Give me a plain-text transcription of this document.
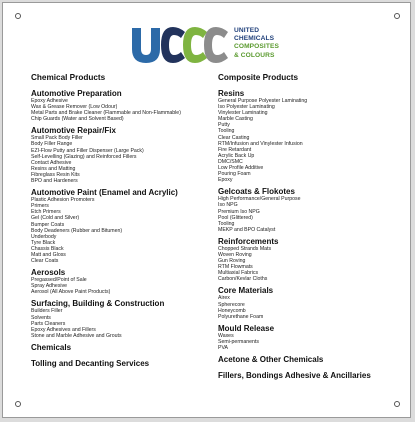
UNITED
CHEMICALS
COMPOSITES
& COLOURS
Chemical Products
Automotive Preparation
Epoxy Adhesive
Wax & Grease Remover (Low Odour)
Metal Parts and Brake Cleaner (Flammable and Non-Flammable)
Chip Guards (Water and Solvent Based)
Automotive Repair/Fix
Small Pack Body Filler
Body Filler Range
EZI-Flow Putty and Filler Dispenser (Large Pack)
Self-Levelling (Glazing) and Reinforced Fillers
Contact Adhesive
Resins and Matting
Fibreglass Resin Kits
BPO and Hardeners
Automotive Paint (Enamel and Acrylic)
Plastic Adhesion Promoters
Primers
Etch Primers
Gel (Cold and Silver)
Bumper Coats
Body Deadeners (Rubber and Bitumen)
Underbody
Tyre Black
Chassis Black
Matt and Gloss
Clear Coats
Aerosols
Pregassed/Point of Sale
Spray Adhesive
Aerosol (All Above Paint Products)
Surfacing, Building & Construction
Builders Filler
Solvents
Parts Cleaners
Epoxy Adhesives and Fillers
Stone and Marble Adhesive and Grouts
Chemicals
Tolling and Decanting Services
Composite Products
Resins
General Purpose Polyester Laminating
Iso Polyester Laminating
Vinylester Laminating
Marble Casting
Putty
Tooling
Clear Casting
RTM/Infusion and Vinylester Infusion
Fire Retardant
Acrylic Back Up
DMC/SMC
Low Profile Additive
Pouring Foam
Epoxy
Gelcoats & Flokotes
High Performance/General Purpose
Iso NPG
Premium Iso NPG
Pool (Glittered)
Tooling
MEKP and BPO Catalyst
Reinforcements
Chopped Strands Mats
Woven Roving
Gun Roving
RTM Flowmats
Multiaxial Fabrics
Carbon/Kevlar Cloths
Core Materials
Airex
Spherecore
Honeycomb
Polyurethane Foam
Mould Release
Waxes
Semi-permanents
PVA
Acetone & Other Chemicals
Fillers, Bondings Adhesive & Ancillaries
